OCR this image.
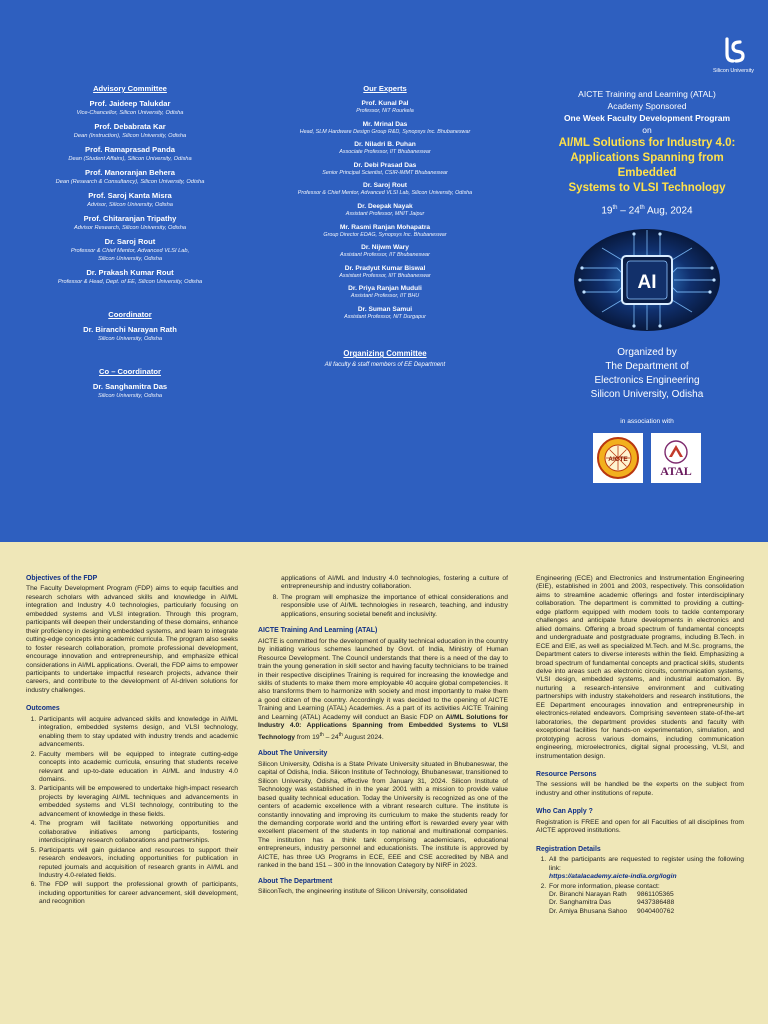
Advisory Committee
Prof. Jaideep Talukdar
Vice-Chancellor, Silicon University, Odisha
Prof. Debabrata Kar
Dean (Instruction), Silicon University, Odisha
Prof. Ramaprasad Panda
Dean (Student Affairs), Silicon University, Odisha
Prof. Manoranjan Behera
Dean (Research & Consultancy), Silicon University, Odisha
Prof. Saroj Kanta Misra
Advisor, Silicon University, Odisha
Prof. Chitaranjan Tripathy
Advisor Research, Silicon University, Odisha
Dr. Saroj Rout
Professor & Chief Mentor, Advanced VLSI Lab,
Silicon University, Odisha
Dr. Prakash Kumar Rout
Professor & Head, Dept. of EE, Silicon University, Odisha
Coordinator
Dr. Biranchi Narayan Rath
Silicon University, Odisha
Co – Coordinator
Dr. Sanghamitra Das
Silicon University, Odisha
Our Experts
Prof. Kunal Pal
Professor, NIT Rourkela
Mr. Mrinal Das
Head, SLM Hardware Design Group R&D, Synopsys Inc. Bhubaneswar
Dr. Niladri B. Puhan
Associate Professor, IIT Bhubaneswar
Dr. Debi Prasad Das
Senior Principal Scientist, CSIR-IMMT Bhubaneswar
Dr. Saroj Rout
Professor & Chief Mentor, Advanced VLSI Lab, Silicon University, Odisha
Dr. Deepak Nayak
Assistant Professor, MNIT Jaipur
Mr. Rasmi Ranjan Mohapatra
Group Director EDAG, Synopsys Inc. Bhubaneswar
Dr. Nijwm Wary
Assistant Professor, IIT Bhubaneswar
Dr. Pradyut Kumar Biswal
Assistant Professor, IIIT Bhubaneswar
Dr. Priya Ranjan Muduli
Assistant Professor, IIT BHU
Dr. Suman Samui
Assistant Professor, NIT Durgapur
Organizing Committee
All faculty & staff members of EE Department
Silicon University
AICTE Training and Learning (ATAL)
Academy Sponsored
One Week Faculty Development Program
on
AI/ML Solutions for Industry 4.0:
Applications Spanning from Embedded
Systems to VLSI Technology
19th – 24th Aug, 2024
AI
Organized by
The Department of
Electronics Engineering
Silicon University, Odisha
in association with
AICTE
ATAL
Objectives of the FDP

The Faculty Development Program (FDP) aims to equip faculties and research scholars with advanced skills and knowledge in AI/ML integration and Industry 4.0 technologies, particularly focusing on embedded systems and VLSI integration. Through this program, participants will deepen their understanding of these domains, enhance their proficiency in designing embedded systems, and learn to integrate cutting-edge concepts into academic curricula. The program also seeks to foster research collaboration, promote professional development, encourage innovation and entrepreneurship, and emphasize ethical considerations in AI/ML applications. Overall, the FDP aims to empower participants to undertake impactful research projects, advance their careers, and contribute to the development of AI-driven solutions for industry challenges.

Outcomes
1. Participants will acquire advanced skills and knowledge in AI/ML integration, embedded systems design, and VLSI technology, enabling them to stay updated with industry trends and academic advancements.
2. Faculty members will be equipped to integrate cutting-edge concepts into academic curricula, ensuring that students receive relevant and up-to-date education in AI/ML and Industry 4.0 domains.
3. Participants will be empowered to undertake high-impact research projects by leveraging AI/ML techniques and advancements in embedded systems and VLSI technology, contributing to the advancement of knowledge in these fields.
4. The program will facilitate networking opportunities and collaborative initiatives among participants, fostering interdisciplinary research collaborations and partnerships.
5. Participants will gain guidance and resources to support their research endeavors, including opportunities for publication in reputed journals and acquisition of research grants in AI/ML and Industry 4.0-related fields.
6. The FDP will support the professional growth of participants, including opportunities for career advancement, skill development, and recognition
applications of AI/ML and Industry 4.0 technologies, fostering a culture of entrepreneurship and industry collaboration.
8. The program will emphasize the importance of ethical considerations and responsible use of AI/ML technologies in research, teaching, and industry applications, ensuring societal benefit and inclusivity.
AICTE Training And Learning (ATAL)

AICTE is committed for the development of quality technical education in the country by initiating various schemes launched by Govt. of India, Ministry of Human Resource Development. The Council understands that there is a need of the day to train the young generation in skill sector and having faculty technicians to be trained in their respective disciplines Training is required for increasing the knowledge and skills of students to make them more employable 40 acquire global competencies. It also transforms them to harmonize with society and most importantly to make them a good citizen of the country. Accordingly it was decided to the opening of AICTE Training and Learning (ATAL) Academies. As a part of its activities AICTE Training and Learning (ATAL) Academy will conduct an Basic FDP on AI/ML Solutions for Industry 4.0: Applications Spanning from Embedded Systems to VLSI Technology from 19th – 24th August 2024.

About The University

Silicon University, Odisha is a State Private University situated in Bhubaneswar, the capital of Odisha, India. Silicon Institute of Technology, Bhubaneswar, transitioned to Silicon University, Odisha, effective from January 31, 2024. Silicon Institute of Technology was established in in the year 2001 with a mission to provide value based quality technical education. Today the University is recognized as one of the centers of academic excellence with a vibrant research culture. The institute is constantly innovating and improving its curriculum to make the students ready for the demanding corporate world and the untiring effort is rewarded every year with excellent placement of the students in top national and multinational companies. The institution has a think tank comprising academicians, educational entrepreneurs, industry personnel and educationists. The institute is approved by AICTE, has three UG Programs in ECE, EEE and CSE accredited by NBA and ranked in the band 151 – 300 in the Innovation Category by NIRF in 2023.

About The Department

SiliconTech, the engineering institute of Silicon University, consolidated

Engineering (ECE) and Electronics and Instrumentation Engineering (EIE), established in 2001 and 2003, respectively. This consolidation aims to streamline academic offerings and foster interdisciplinary collaboration. The department is committed to providing a cutting-edge platform equipped with modern tools to tackle contemporary challenges and anticipate future developments in electronics and allied domains. Offering a broad spectrum of fundamental concepts and undergraduate and postgraduate programs, including B.Tech. in ECE and EIE, as well as specialized M.Tech. and M.Sc. programs, the Department caters to diverse interests within the field. Emphasizing a broad spectrum of fundamental concepts and practical skills, students delve into areas such as electronic circuits, communication systems, VLSI design, embedded systems, and industrial automation. By nurturing a research-intensive environment and cultivating partnerships with industry stakeholders and research institutions, the EE Department encourages innovation and entrepreneurship in electronics-related endeavors. Comprising seventeen state-of-the-art laboratories, the department provides students and faculty with exceptional facilities for hands-on experimentation, simulation, and prototyping across various domains, including communication engineering, microelectronics, digital signal processing, VLSI, and instrumentation design.

Resource Persons

The sessions will be handled be the experts on the subject from industry and other institutions of repute.

Who Can Apply ?

Registration is FREE and open for all Faculties of all disciplines from AICTE approved institutions.

Registration Details
1. All the participants are requested to register using the following link:
https://atalacademy.aicte-india.org/login
2. For more information, please contact:
Dr. Biranchi Narayan Rath	9861105365
Dr. Sanghamitra Das	9437386488
Dr. Amiya Bhusana Sahoo	9040400762
